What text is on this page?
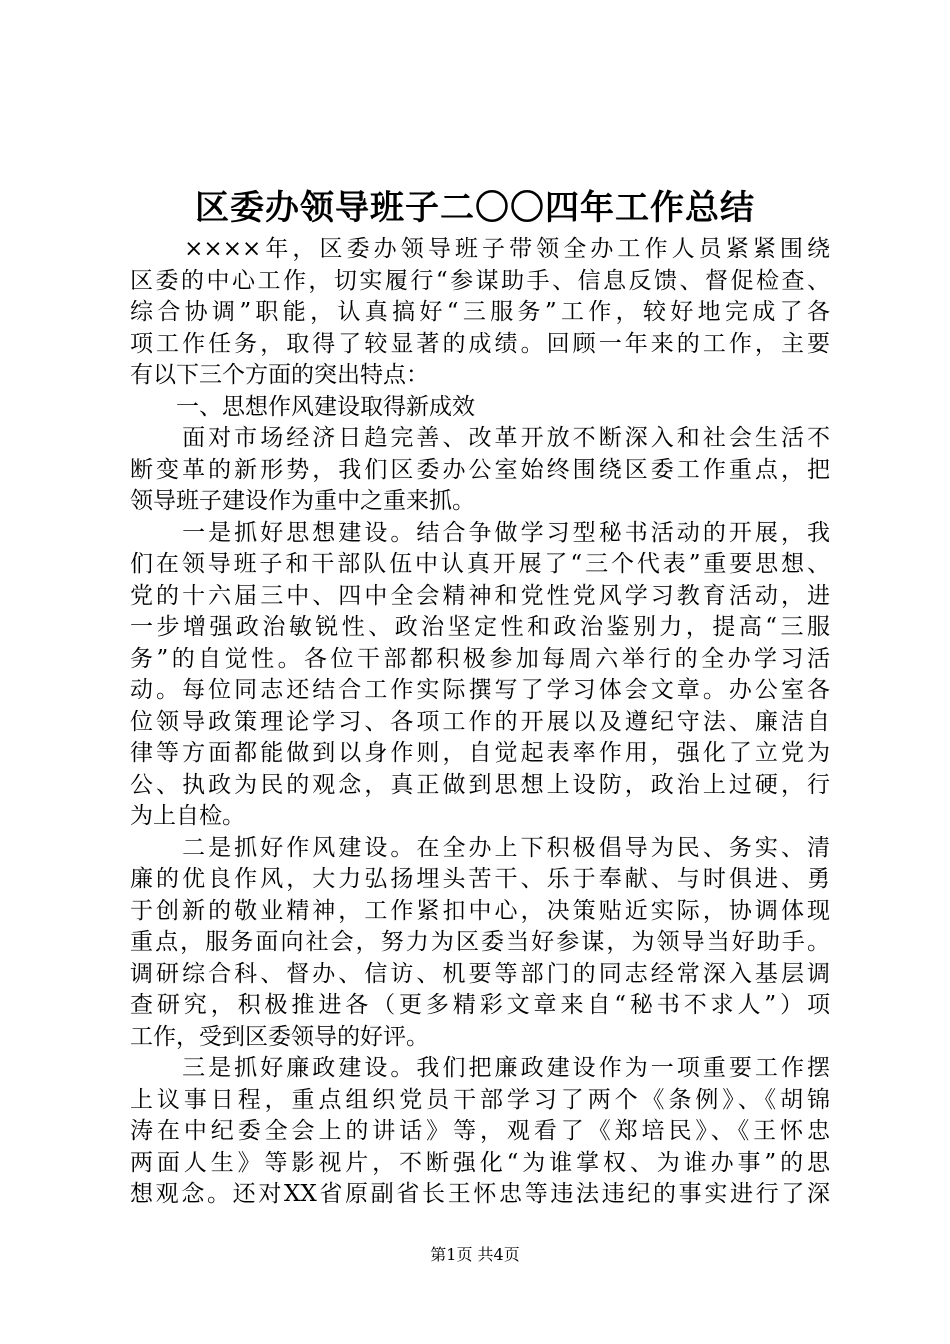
区委办领导班子二〇〇四年工作总结
　　××××年，区委办领导班子带领全办工作人员紧紧围绕
区委的中心工作，切实履行“参谋助手、信息反馈、督促检查、
综合协调”职能，认真搞好“三服务”工作，较好地完成了各
项工作任务，取得了较显著的成绩。回顾一年来的工作，主要
有以下三个方面的突出特点：
　　一、思想作风建设取得新成效
　　面对市场经济日趋完善、改革开放不断深入和社会生活不
断变革的新形势，我们区委办公室始终围绕区委工作重点，把
领导班子建设作为重中之重来抓。
　　一是抓好思想建设。结合争做学习型秘书活动的开展，我
们在领导班子和干部队伍中认真开展了“三个代表”重要思想、
党的十六届三中、四中全会精神和党性党风学习教育活动，进
一步增强政治敏锐性、政治坚定性和政治鉴别力，提高“三服
务”的自觉性。各位干部都积极参加每周六举行的全办学习活
动。每位同志还结合工作实际撰写了学习体会文章。办公室各
位领导政策理论学习、各项工作的开展以及遵纪守法、廉洁自
律等方面都能做到以身作则，自觉起表率作用，强化了立党为
公、执政为民的观念，真正做到思想上设防，政治上过硬，行
为上自检。
　　二是抓好作风建设。在全办上下积极倡导为民、务实、清
廉的优良作风，大力弘扬埋头苦干、乐于奉献、与时俱进、勇
于创新的敬业精神，工作紧扣中心，决策贴近实际，协调体现
重点，服务面向社会，努力为区委当好参谋，为领导当好助手。
调研综合科、督办、信访、机要等部门的同志经常深入基层调
查研究，积极推进各（更多精彩文章来自“秘书不求人”）项
工作，受到区委领导的好评。
　　三是抓好廉政建设。我们把廉政建设作为一项重要工作摆
上议事日程，重点组织党员干部学习了两个《条例》、《胡锦
涛在中纪委全会上的讲话》等，观看了《郑培民》、《王怀忠
两面人生》等影视片，不断强化“为谁掌权、为谁办事”的思
想观念。还对XX省原副省长王怀忠等违法违纪的事实进行了深
第1页 共4页
